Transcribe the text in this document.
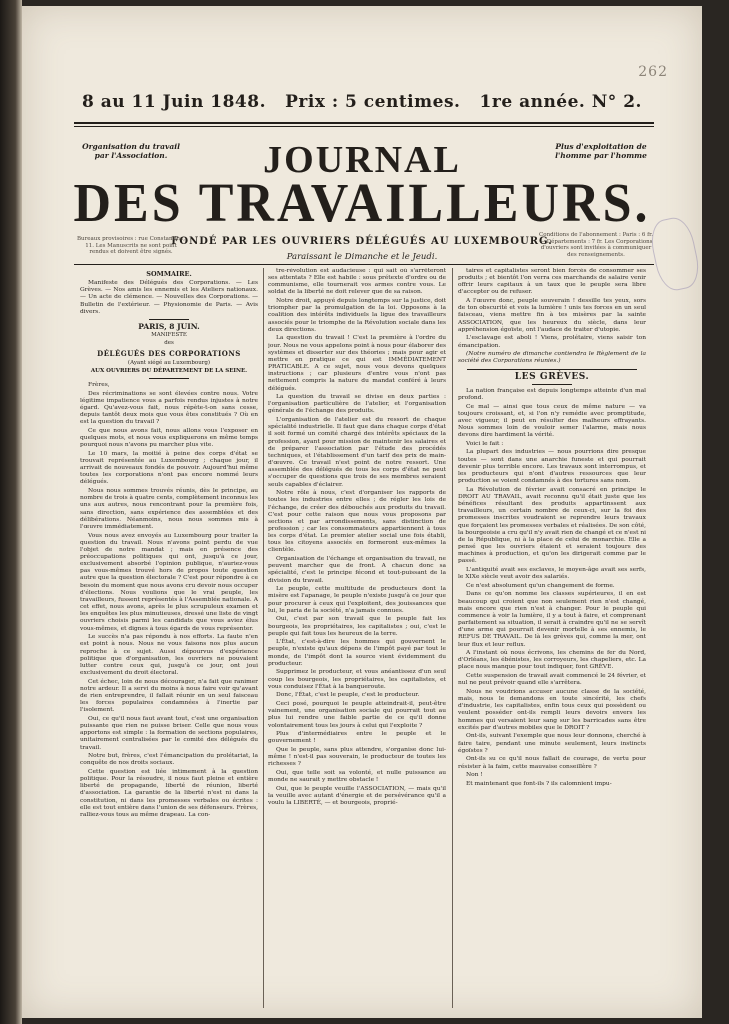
262
8 au 11 Juin 1848. Prix : 5 centimes. 1re année. N° 2.
Organisation du travail par l'Association.
Plus d'exploitation de l'homme par l'homme
JOURNAL
DES TRAVAILLEURS.
FONDÉ PAR LES OUVRIERS DÉLÉGUÉS AU LUXEMBOURG.
Paraissant le Dimanche et le Jeudi.
Bureaux provisoires : rue Constantine, 11. Les Manuscrits ne sont point rendus et doivent être signés.
Conditions de l'abonnement : Paris : 6 fr. — Départements : 7 fr. Les Corporations d'ouvriers sont invitées à communiquer des renseignements.
SOMMAIRE.

Manifeste des Délégués des Corporations. — Les Grèves. — Nos amis les ennemis et les Ateliers nationaux. — Un acte de clémence. — Nouvelles des Corporations. — Bulletin de l'extérieur. — Physionomie de Paris. — Avis divers.

PARIS, 8 JUIN.
MANIFESTE
des
DÉLÉGUÉS DES CORPORATIONS
(Ayant siégé au Luxembourg)
AUX OUVRIERS DU DÉPARTEMENT DE LA SEINE.

Frères,

Des récriminations se sont élevées contre nous. Votre légitime impatience vous a parfois rendus injustes à notre égard. Qu'avez-vous fait, nous répète-t-on sans cesse, depuis tantôt deux mois que vous êtes constitués ? Où en est la question du travail ?

Ce que nous avons fait, nous allons vous l'exposer en quelques mots, et nous vous expliquerons en même temps pourquoi nous n'avons pu marcher plus vite.

Le 10 mars, la moitié à peine des corps d'état se trouvait représentée au Luxembourg ; chaque jour, il arrivait de nouveaux fondés de pouvoir. Aujourd'hui même toutes les corporations n'ont pas encore nommé leurs délégués.

Nous nous sommes trouvés réunis, dès le principe, au nombre de trois à quatre cents, complètement inconnus les uns aux autres, nous rencontrant pour la première fois, sans direction, sans expérience des assemblées et des délibérations. Néanmoins, nous nous sommes mis à l'œuvre immédiatement.

Vous nous avez envoyés au Luxembourg pour traiter la question du travail. Nous n'avons point perdu de vue l'objet de notre mandat ; mais en présence des préoccupations politiques qui ont, jusqu'à ce jour, exclusivement absorbé l'opinion publique, n'auriez-vous pas vous-mêmes trouvé hors de propos toute question autre que la question électorale ? C'est pour répondre à ce besoin du moment que nous avons cru devoir nous occuper d'élections. Nous voulions que le vrai peuple, les travailleurs, fussent représentés à l'Assemblée nationale. A cet effet, nous avons, après le plus scrupuleux examen et les enquêtes les plus minutieuses, dressé une liste de vingt ouvriers choisis parmi les candidats que vous aviez élus vous-mêmes, et dignes à tous égards de vous représenter.

Le succès n'a pas répondu à nos efforts. La faute n'en est point à nous. Nous ne vous faisons nos plus aucun reproche à ce sujet. Aussi dépourvus d'expérience politique que d'organisation, les ouvriers ne pouvaient lutter contre ceux qui, jusqu'à ce jour, ont joui exclusivement du droit électoral.

Cet échec, loin de nous décourager, n'a fait que ranimer notre ardeur. Il a servi du moins à nous faire voir qu'avant de rien entreprendre, il fallait réunir en un seul faisceau les forces populaires condamnées à l'inertie par l'isolement.

Oui, ce qu'il nous faut avant tout, c'est une organisation puissante que rien ne puisse briser. Celle que nous vous apportons est simple : la formation de sections populaires, unitairement centralisées par le comité des délégués du travail.

Notre but, frères, c'est l'émancipation du prolétariat, la conquête de nos droits sociaux.

Cette question est liée intimement à la question politique. Pour la résoudre, il nous faut pleine et entière liberté de propagande, liberté de réunion, liberté d'association. La garantie de la liberté n'est ni dans la constitution, ni dans les promesses verbales ou écrites : elle est tout entière dans l'union de ses défenseurs. Frères, ralliez-vous tous au même drapeau. La con-

tre-révolution est audacieuse : qui sait où s'arrêteront ses attentats ? Elle est habile : sous prétexte d'ordre ou de communisme, elle tournerait vos armes contre vous. Le soldat de la liberté ne doit relever que de sa raison.

Notre droit, appuyé depuis longtemps sur la justice, doit triompher par la promulgation de la loi. Opposons à la coalition des intérêts individuels la ligue des travailleurs associés pour le triomphe de la Révolution sociale dans les deux directions.

La question du travail ! C'est la première à l'ordre du jour. Nous ne vous appelons point à nous pour élaborer des systèmes et disserter sur des théories ; mais pour agir et mettre en pratique ce qui est IMMÉDIATEMENT PRATICABLE. A ce sujet, nous vous devons quelques instructions ; car plusieurs d'entre vous n'ont pas nettement compris la nature du mandat conféré à leurs délégués.

La question du travail se divise en deux parties : l'organisation particulière de l'atelier, et l'organisation générale de l'échange des produits.

L'organisation de l'atelier est du ressort de chaque spécialité industrielle. Il faut que dans chaque corps d'état il soit formé un comité chargé des intérêts spéciaux de la profession, ayant pour mission de maintenir les salaires et de préparer l'association par l'étude des procédés techniques, et l'établissement d'un tarif des prix de main-d'œuvre. Ce travail n'est point de notre ressort. Une assemblée des délégués de tous les corps d'état ne peut s'occuper de questions que trois de ses membres seraient seuls capables d'éclairer.

Notre rôle à nous, c'est d'organiser les rapports de toutes les industries entre elles ; de régler les lois de l'échange, de créer des débouchés aux produits du travail. C'est pour cette raison que nous vous proposons par sections et par arrondissements, sans distinction de profession ; car les consommateurs appartiennent à tous les corps d'état. Le premier atelier social une fois établi, tous les citoyens associés en formeront eux-mêmes la clientèle.

Organisation de l'échange et organisation du travail, ne peuvent marcher que de front. A chacun donc sa spécialité, c'est le principe fécond et tout-puissant de la division du travail.

Le peuple, cette multitude de producteurs dont la misère est l'apanage, le peuple n'existe jusqu'à ce jour que pour procurer à ceux qui l'exploitent, des jouissances que lui, le paria de la société, n'a jamais connues.

Oui, c'est par son travail que le peuple fait les bourgeois, les propriétaires, les capitalistes ; oui, c'est le peuple qui fait tous les heureux de la terre.

L'État, c'est-à-dire les hommes qui gouvernent le peuple, n'existe qu'aux dépens de l'impôt payé par tout le monde, de l'impôt dont la source vient évidemment du producteur.

Supprimez le producteur, et vous anéantissez d'un seul coup les bourgeois, les propriétaires, les capitalistes, et vous conduisez l'État à la banqueroute.

Donc, l'État, c'est le peuple, c'est le producteur.

Ceci posé, pourquoi le peuple atteindrait-il, peut-être vainement, une organisation sociale qui pourrait tout au plus lui rendre une faible partie de ce qu'il donne volontairement tous les jours à celui qui l'exploite ?

Plus d'intermédiaires entre le peuple et le gouvernement !

Que le peuple, sans plus attendre, s'organise donc lui-même ! n'est-il pas souverain, le producteur de toutes les richesses ?

Oui, que telle soit sa volonté, et nulle puissance au monde ne saurait y mettre obstacle !

Oui, que le peuple veuille l'ASSOCIATION, — mais qu'il la veuille avec autant d'énergie et de persévérance qu'il a voulu la LIBERTÉ, — et bourgeois, proprié-

taires et capitalistes seront bien forcés de consommer ses produits ; et bientôt l'on verra ces marchands de salaire venir offrir leurs capitaux à un taux que le peuple sera libre d'accepter ou de refuser.

A l'œuvre donc, peuple souverain ! dessille tes yeux, sors de ton obscurité et vois la lumière ! unis tes forces en un seul faisceau, viens mettre fin à tes misères par la sainte ASSOCIATION, que les heureux du siècle, dans leur appréhension égoïste, ont l'audace de traiter d'utopie.

L'esclavage est aboli ! Viens, prolétaire, viens saisir ton émancipation.

(Notre numéro de dimanche contiendra le Règlement de la société des Corporations réunies.)

LES GRÈVES.

La nation française est depuis longtemps atteinte d'un mal profond.

Ce mal — ainsi que tous ceux de même nature — va toujours croissant, et, si l'on n'y remédie avec promptitude, avec vigueur, il peut en résulter des malheurs effrayants. Nous sommes loin de vouloir semer l'alarme, mais nous devons dire hardiment la vérité.

Voici le fait :

La plupart des industries — nous pourrions dire presque toutes — sont dans une anarchie funeste et qui pourrait devenir plus terrible encore. Les travaux sont interrompus, et les producteurs qui n'ont d'autres ressources que leur production se voient condamnés à des tortures sans nom.

La Révolution de février avait consacré en principe le DROIT AU TRAVAIL, avait reconnu qu'il était juste que les bénéfices résultant des produits appartinssent aux travailleurs, un certain nombre de ceux-ci, sur la foi des promesses inscrites voudraient se reprendre leurs travaux que forçaient les promesses verbales et réalisées. De son côté, la bourgeoisie a cru qu'il n'y avait rien de changé et ce n'est ni de la République, ni à la place de celui de monarchie. Elle a pensé que les ouvriers étaient et seraient toujours des machines à production, et qu'on les dirigerait comme par le passé.

L'antiquité avait ses esclaves, le moyen-âge avait ses serfs, le XIXe siècle veut avoir des salariés.

Ce n'est absolument qu'un changement de forme.

Dans ce qu'on nomme les classes supérieures, il en est beaucoup qui croient que non seulement rien n'est changé, mais encore que rien n'est à changer. Pour le peuple qui commence à voir la lumière, il y a tout à faire, et comprenant parfaitement sa situation, il serait à craindre qu'il ne se servît d'une arme qui pourrait devenir mortelle à ses ennemis, le REFUS DE TRAVAIL. De là les grèves qui, comme la mer, ont leur flux et leur reflux.

A l'instant où nous écrivons, les chemins de fer du Nord, d'Orléans, les ébénistes, les corroyeurs, les chapeliers, etc. La place nous manque pour tout indiquer, font GRÈVE.

Cette suspension de travail avait commencé le 24 février, et nul ne peut prévoir quand elle s'arrêtera.

Nous ne voudrions accuser aucune classe de la société, mais, nous le demandons en toute sincérité, les chefs d'industrie, les capitalistes, enfin tous ceux qui possèdent ou veulent posséder ont-ils rempli leurs devoirs envers les hommes qui versaient leur sang sur les barricades sans être excités par d'autres mobiles que le DROIT ?

Ont-ils, suivant l'exemple que nous leur donnons, cherché à faire taire, pendant une minute seulement, leurs instincts égoïstes ?

Ont-ils su ce qu'il nous fallait de courage, de vertu pour résister à la faim, cette mauvaise conseillère ?

Non !

Et maintenant que font-ils ? ils calomnient impu-
